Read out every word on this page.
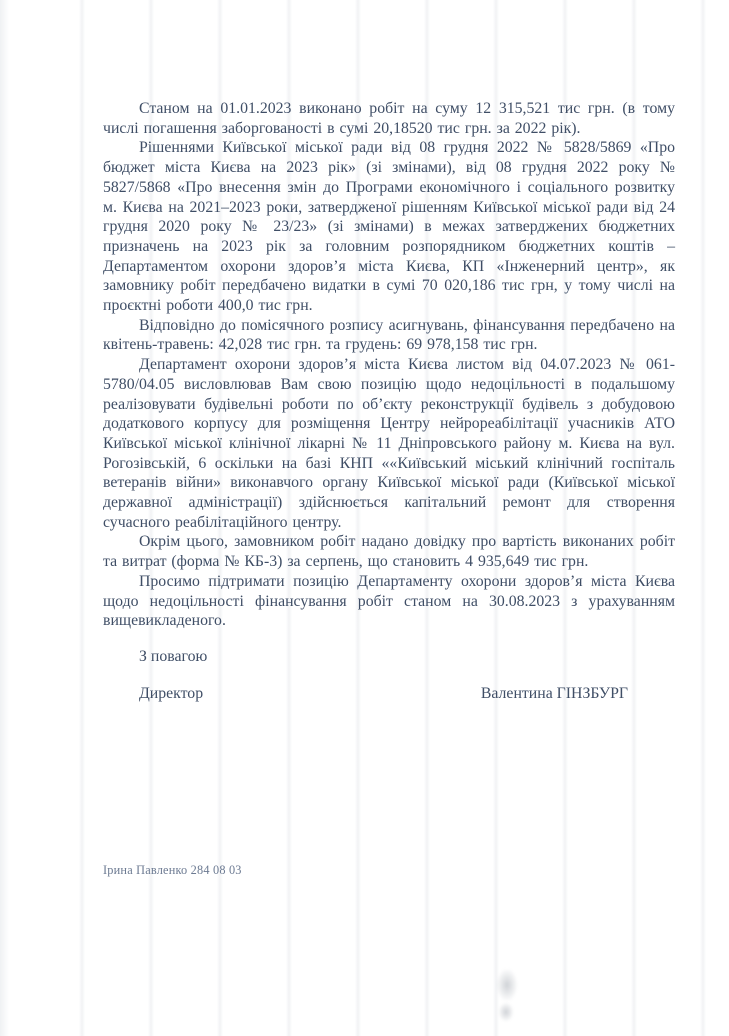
Станом на 01.01.2023 виконано робіт на суму 12 315,521 тис грн. (в тому числі погашення заборгованості в сумі 20,18520 тис грн. за 2022 рік).

Рішеннями Київської міської ради від 08 грудня 2022 № 5828/5869 «Про бюджет міста Києва на 2023 рік» (зі змінами), від 08 грудня 2022 року № 5827/5868 «Про внесення змін до Програми економічного і соціального розвитку м. Києва на 2021–2023 роки, затвердженої рішенням Київської міської ради від 24 грудня 2020 року № 23/23» (зі змінами) в межах затверджених бюджетних призначень на 2023 рік за головним розпорядником бюджетних коштів – Департаментом охорони здоров’я міста Києва, КП «Інженерний центр», як замовнику робіт передбачено видатки в сумі 70 020,186 тис грн, у тому числі на проєктні роботи 400,0 тис грн.

Відповідно до помісячного розпису асигнувань, фінансування передбачено на квітень-травень: 42,028 тис грн. та грудень: 69 978,158 тис грн.

Департамент охорони здоров’я міста Києва листом від 04.07.2023 № 061-5780/04.05 висловлював Вам свою позицію щодо недоцільності в подальшому реалізовувати будівельні роботи по об’єкту реконструкції будівель з добудовою додаткового корпусу для розміщення Центру нейрореабілітації учасників АТО Київської міської клінічної лікарні № 11 Дніпровського району м. Києва на вул. Рогозівській, 6 оскільки на базі КНП ««Київський міський клінічний госпіталь ветеранів війни» виконавчого органу Київської міської ради (Київської міської державної адміністрації) здійснюється капітальний ремонт для створення сучасного реабілітаційного центру.

Окрім цього, замовником робіт надано довідку про вартість виконаних робіт та витрат (форма № КБ-3) за серпень, що становить 4 935,649 тис грн.

Просимо підтримати позицію Департаменту охорони здоров’я міста Києва щодо недоцільності фінансування робіт станом на 30.08.2023 з урахуванням вищевикладеного.

З повагою

Директор	Валентина ГІНЗБУРГ
Ірина Павленко 284 08 03
